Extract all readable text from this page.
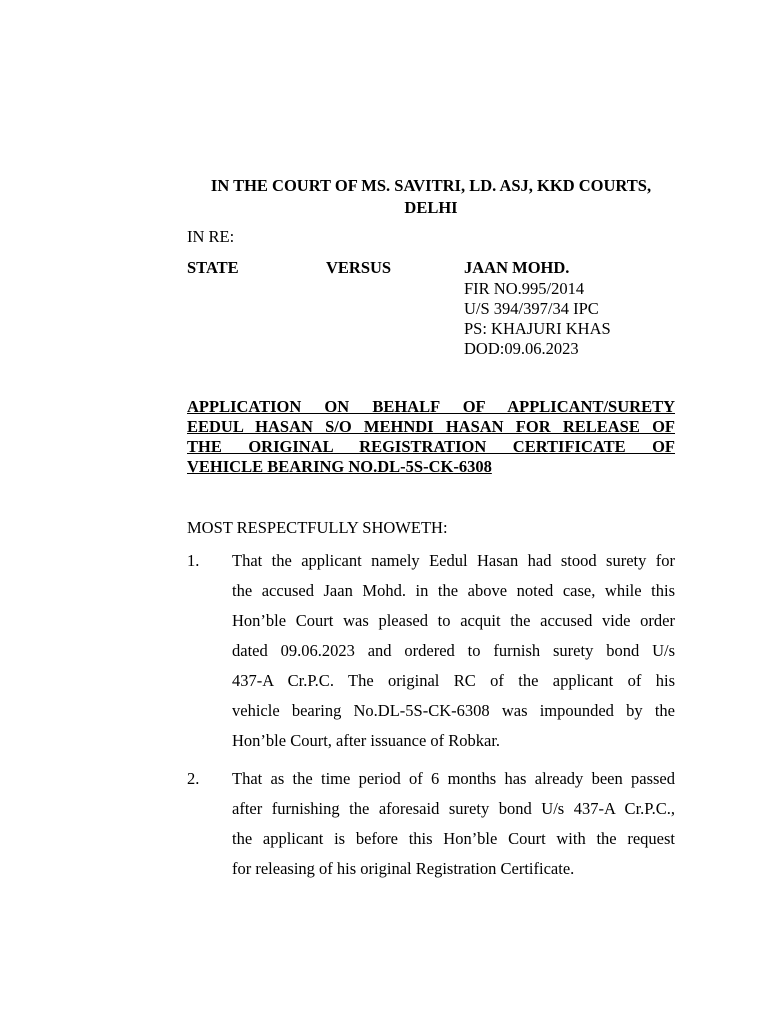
IN THE COURT OF MS. SAVITRI, LD. ASJ, KKD COURTS,
DELHI
IN RE:
STATE	VERSUS	JAAN MOHD.
FIR NO.995/2014
U/S 394/397/34 IPC
PS: KHAJURI KHAS
DOD:09.06.2023
APPLICATION ON BEHALF OF APPLICANT/SURETY
EEDUL HASAN S/O MEHNDI HASAN FOR RELEASE OF
THE ORIGINAL REGISTRATION CERTIFICATE OF
VEHICLE BEARING NO.DL-5S-CK-6308
MOST RESPECTFULLY SHOWETH:
1. That the applicant namely Eedul Hasan had stood surety for
the accused Jaan Mohd. in the above noted case, while this
Hon’ble Court was pleased to acquit the accused vide order
dated 09.06.2023 and ordered to furnish surety bond U/s
437-A Cr.P.C. The original RC of the applicant of his
vehicle bearing No.DL-5S-CK-6308 was impounded by the
Hon’ble Court, after issuance of Robkar.
2. That as the time period of 6 months has already been passed
after furnishing the aforesaid surety bond U/s 437-A Cr.P.C.,
the applicant is before this Hon’ble Court with the request
for releasing of his original Registration Certificate.
